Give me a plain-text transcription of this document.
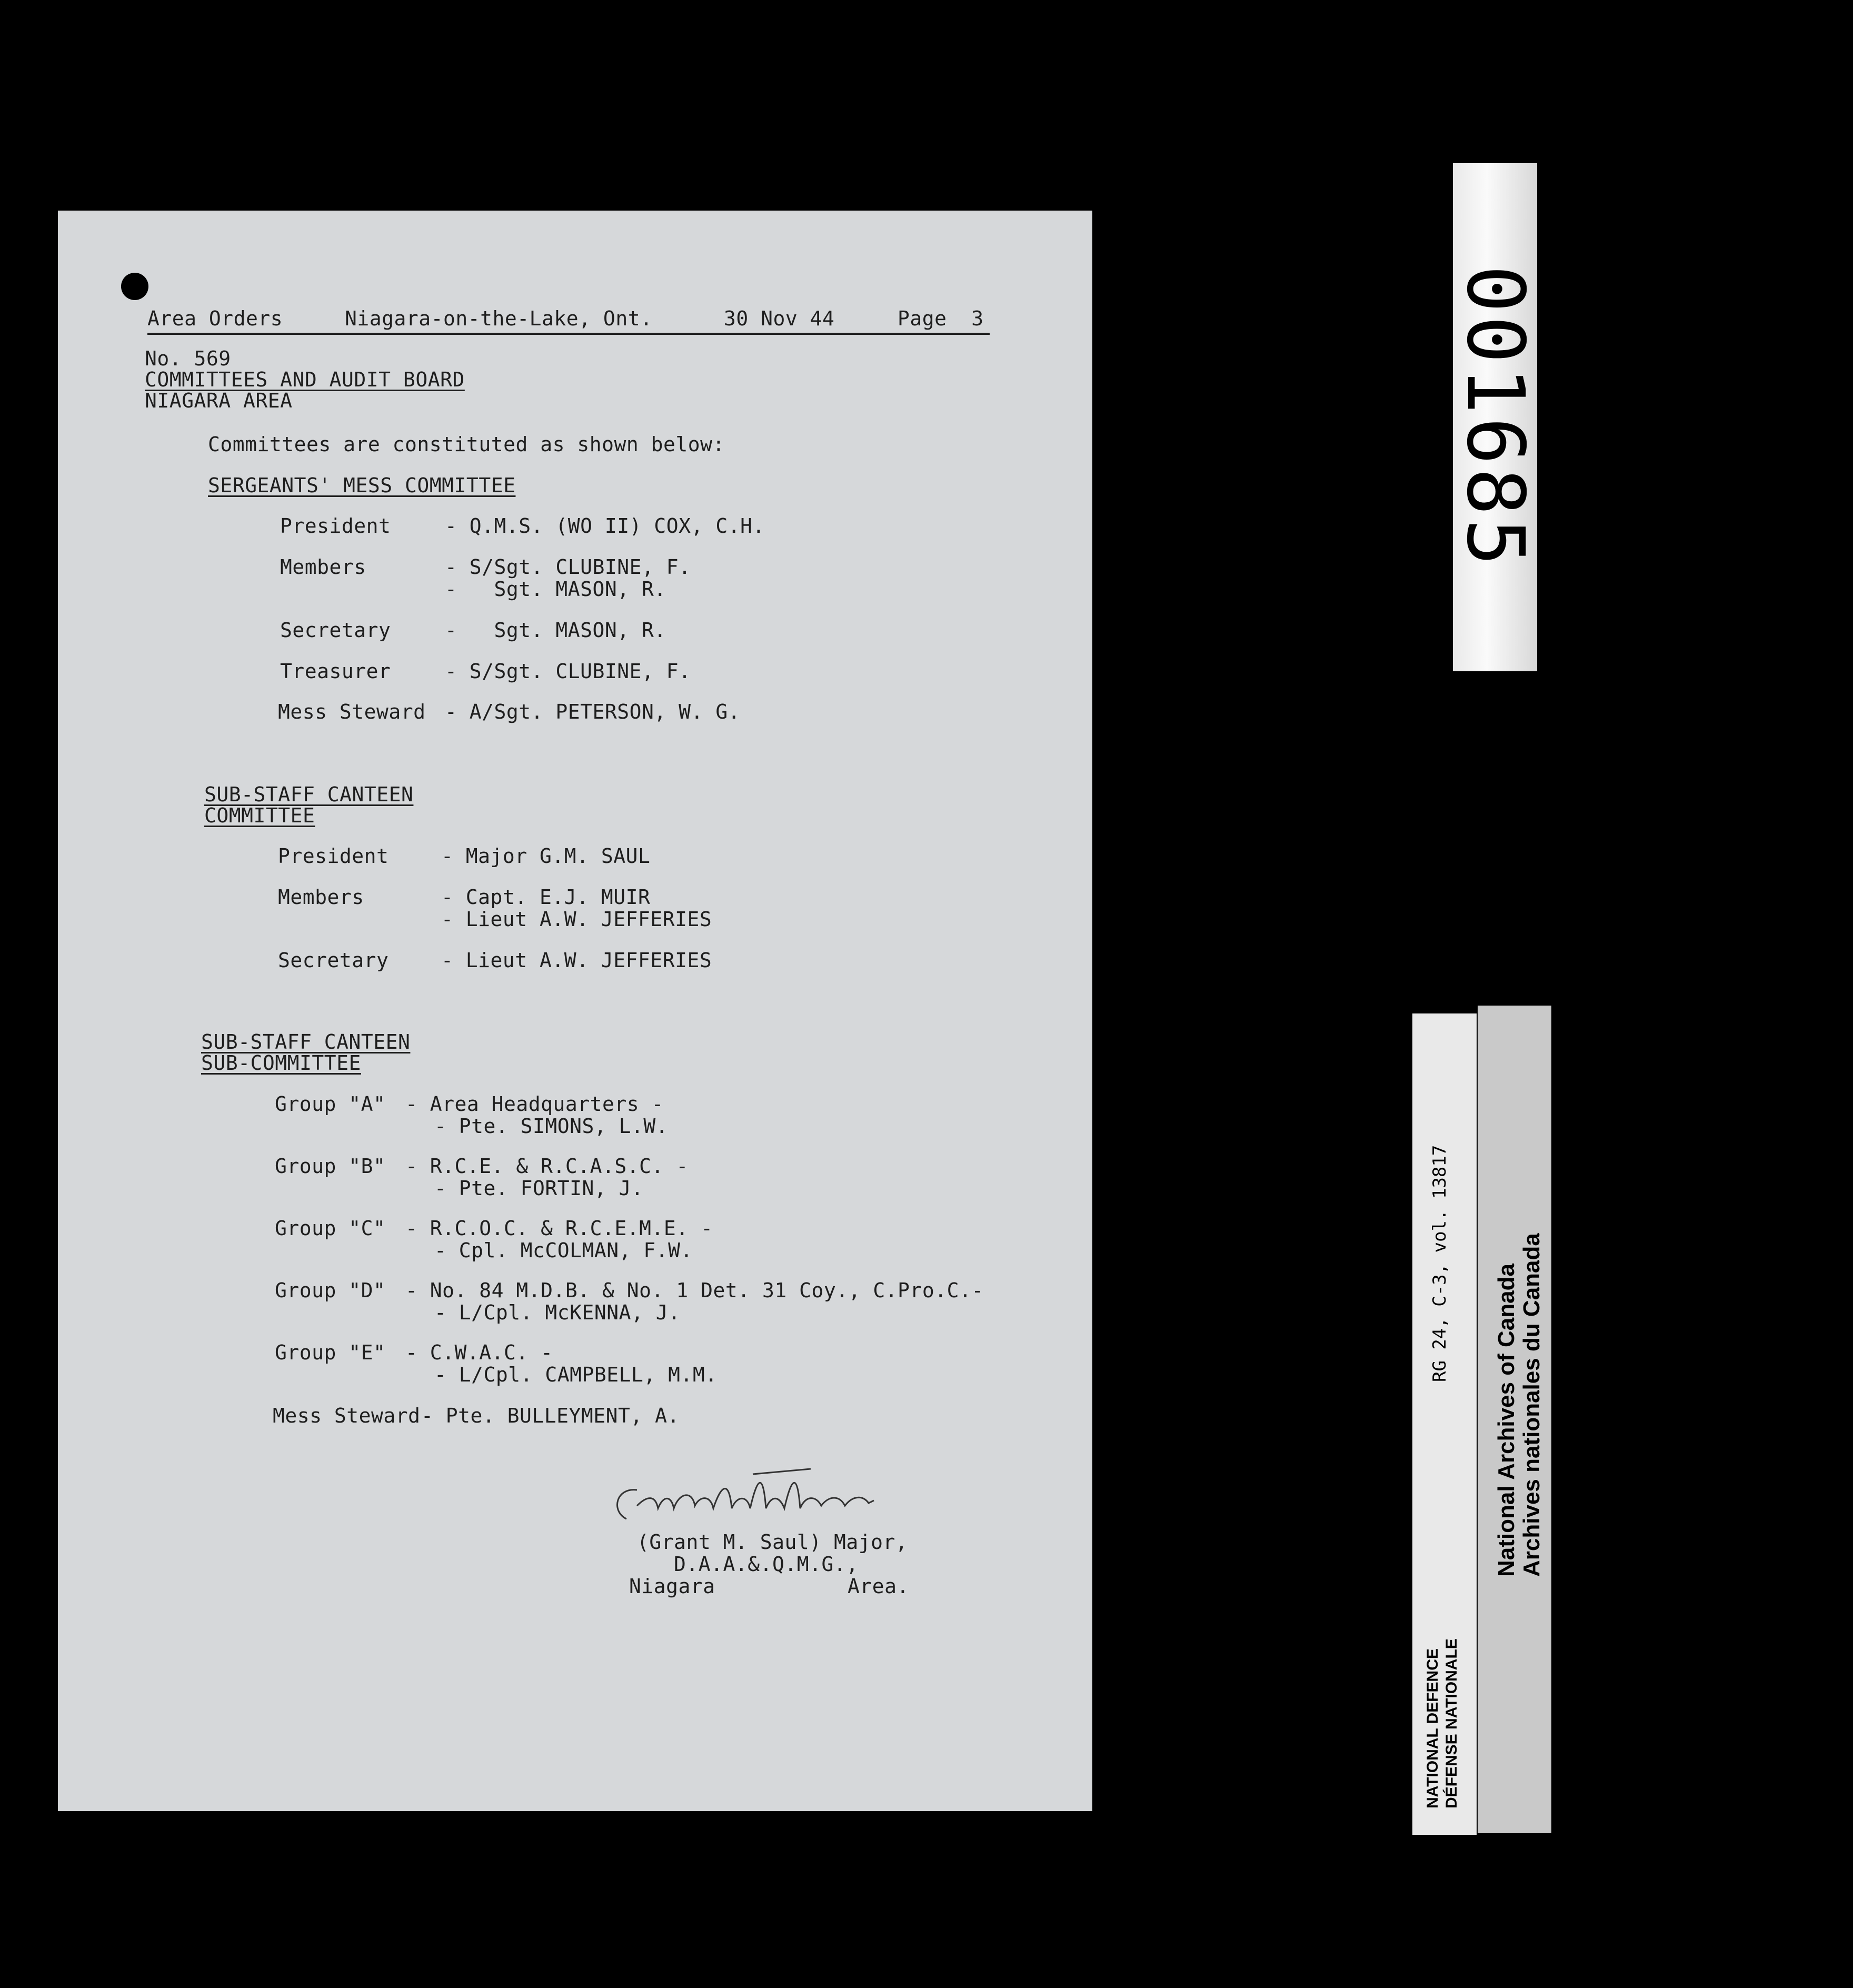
Area Orders	Niagara-on-the-Lake, Ont.	30 Nov 44	Page  3
No. 569
COMMITTEES AND AUDIT BOARD
NIAGARA AREA
Committees are constituted as shown below:
SERGEANTS' MESS COMMITTEE
President	- Q.M.S. (WO II) COX, C.H.
Members	- S/Sgt. CLUBINE, F.
-   Sgt. MASON, R.
Secretary	-   Sgt. MASON, R.
Treasurer	- S/Sgt. CLUBINE, F.
Mess Steward - A/Sgt. PETERSON, W. G.
SUB-STAFF CANTEEN
COMMITTEE
President	- Major G.M. SAUL
Members	- Capt. E.J. MUIR
- Lieut A.W. JEFFERIES
Secretary	- Lieut A.W. JEFFERIES
SUB-STAFF CANTEEN
SUB-COMMITTEE
Group "A" - Area Headquarters -
- Pte. SIMONS, L.W.
Group "B" - R.C.E. & R.C.A.S.C. -
- Pte. FORTIN, J.
Group "C" - R.C.O.C. & R.C.E.M.E. -
- Cpl. McCOLMAN, F.W.
Group "D" - No. 84 M.D.B. & No. 1 Det. 31 Coy., C.Pro.C.-
- L/Cpl. McKENNA, J.
Group "E" - C.W.A.C. -
- L/Cpl. CAMPBELL, M.M.
Mess Steward - Pte. BULLEYMENT, A.
(Grant M. Saul) Major,
D.A.A.&.Q.M.G.,
Niagara	Area.
001685
RG 24, C-3, vol. 13817
NATIONAL DEFENCE DÉFENSE NATIONALE
National Archives of Canada Archives nationales du Canada
